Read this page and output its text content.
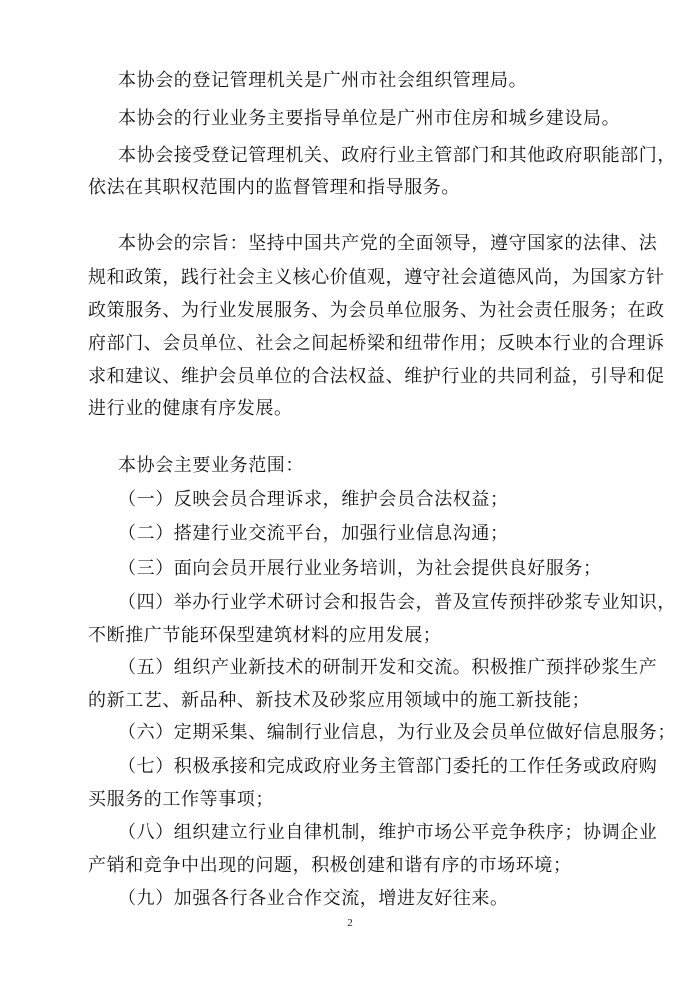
本协会的登记管理机关是广州市社会组织管理局。
本协会的行业业务主要指导单位是广州市住房和城乡建设局。
本协会接受登记管理机关、政府行业主管部门和其他政府职能部门，
依法在其职权范围内的监督管理和指导服务。
本协会的宗旨：坚持中国共产党的全面领导，遵守国家的法律、法
规和政策，践行社会主义核心价值观，遵守社会道德风尚，为国家方针
政策服务、为行业发展服务、为会员单位服务、为社会责任服务；在政
府部门、会员单位、社会之间起桥梁和纽带作用；反映本行业的合理诉
求和建议、维护会员单位的合法权益、维护行业的共同利益，引导和促
进行业的健康有序发展。
本协会主要业务范围：
（一）反映会员合理诉求，维护会员合法权益；
（二）搭建行业交流平台，加强行业信息沟通；
（三）面向会员开展行业业务培训，为社会提供良好服务；
（四）举办行业学术研讨会和报告会，普及宣传预拌砂浆专业知识，
不断推广节能环保型建筑材料的应用发展；
（五）组织产业新技术的研制开发和交流。积极推广预拌砂浆生产
的新工艺、新品种、新技术及砂浆应用领域中的施工新技能；
（六）定期采集、编制行业信息，为行业及会员单位做好信息服务；
（七）积极承接和完成政府业务主管部门委托的工作任务或政府购
买服务的工作等事项；
（八）组织建立行业自律机制，维护市场公平竞争秩序；协调企业
产销和竞争中出现的问题，积极创建和谐有序的市场环境；
（九）加强各行各业合作交流，增进友好往来。
2
